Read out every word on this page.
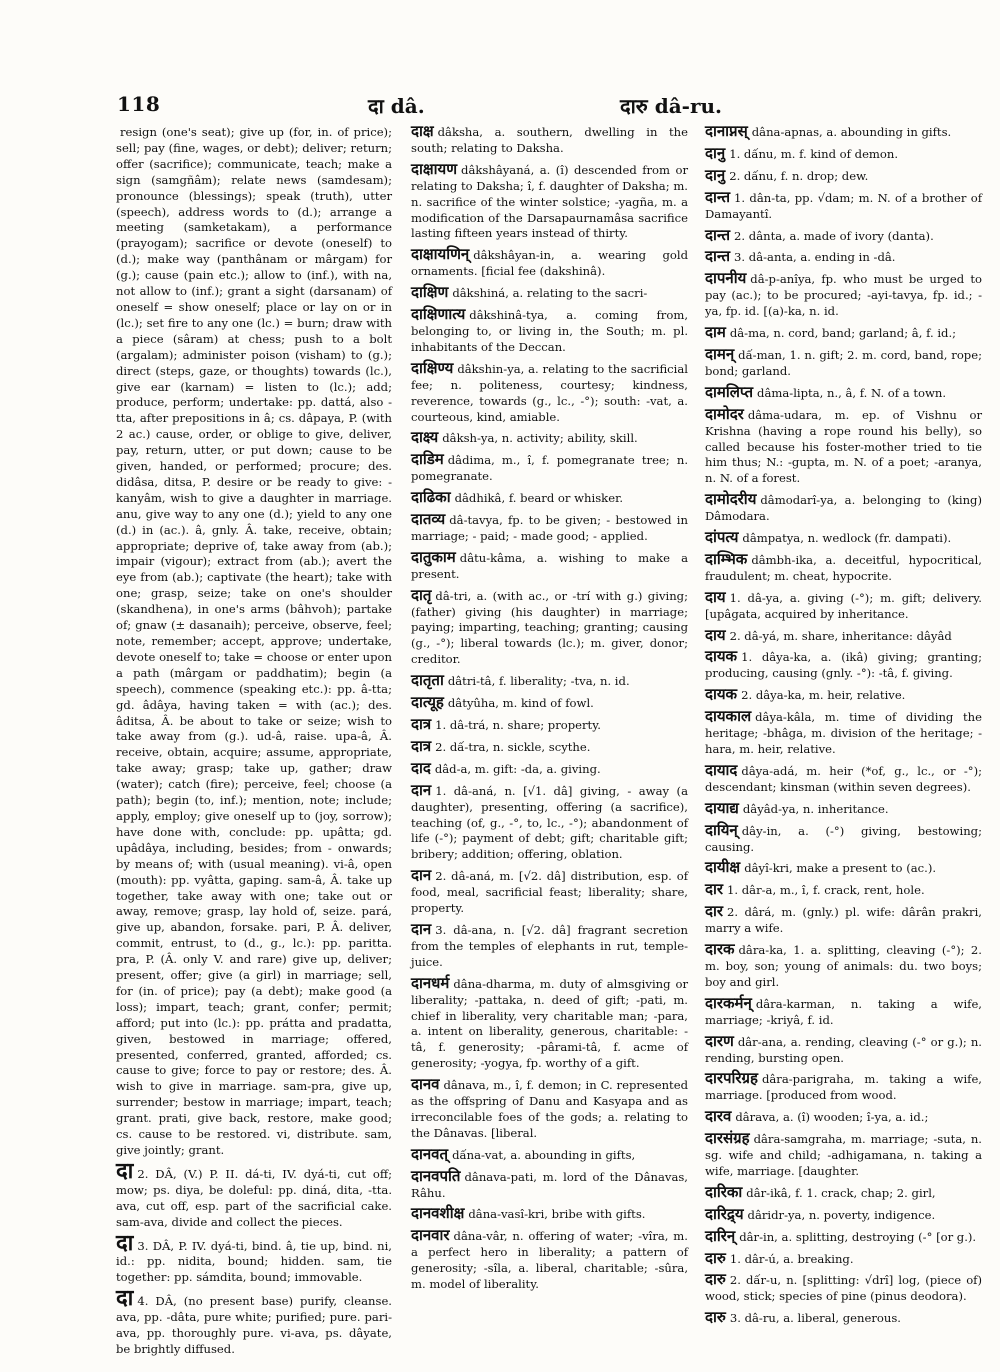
118	दा dâ.	दारु dâ-ru.

resign (one's seat); give up (for, in. of price); sell; pay (fine, wages, or debt); deliver; return; offer (sacrifice); communicate, teach; make a sign (samgñâm); relate news (samdesam); pronounce (blessings); speak (truth), utter (speech), address words to (d.); arrange a meeting (samketakam), a performance (prayogam); sacrifice or devote (oneself) to (d.); make way (panthânam or mârgam) for (g.); cause (pain etc.); allow to (inf.), with na, not allow to (inf.); grant a sight (darsanam) of oneself = show oneself; place or lay on or in (lc.); set fire to any one (lc.) = burn; draw with a piece (sâram) at chess; push to a bolt (argalam); administer poison (visham) to (g.); direct (steps, gaze, or thoughts) towards (lc.), give ear (karnam) = listen to (lc.); add; produce, perform; undertake: pp. dattá, also -tta, after prepositions in â; cs. dâpaya, P. (with 2 ac.) cause, order, or oblige to give, deliver, pay, return, utter, or put down; cause to be given, handed, or performed; procure; des. didâsa, ditsa, P. desire or be ready to give: - kanyâm, wish to give a daughter in marriage. anu, give way to any one (d.); yield to any one (d.) in (ac.). â, gnly. Â. take, receive, obtain; appropriate; deprive of, take away from (ab.); impair (vigour); extract from (ab.); avert the eye from (ab.); captivate (the heart); take with one; grasp, seize; take on one's shoulder (skandhena), in one's arms (bâhvoh); partake of; gnaw (± dasanaih); perceive, observe, feel; note, remember; accept, approve; undertake, devote oneself to; take = choose or enter upon a path (mârgam or paddhatim); begin (a speech), commence (speaking etc.): pp. â-tta; gd. âdâya, having taken = with (ac.); des. âditsa, Â. be about to take or seize; wish to take away from (g.). ud-â, raise. upa-â, Â. receive, obtain, acquire; assume, appropriate, take away; grasp; take up, gather; draw (water); catch (fire); perceive, feel; choose (a path); begin (to, inf.); mention, note; include; apply, employ; give oneself up to (joy, sorrow); have done with, conclude: pp. upâtta; gd. upâdâya, including, besides; from - onwards; by means of; with (usual meaning). vi-â, open (mouth): pp. vyâtta, gaping. sam-â, Â. take up together, take away with one; take out or away, remove; grasp, lay hold of, seize. pará, give up, abandon, forsake. pari, P. Â. deliver, commit, entrust, to (d., g., lc.): pp. paritta. pra, P. (Â. only V. and rare) give up, deliver; present, offer; give (a girl) in marriage; sell, for (in. of price); pay (a debt); make good (a loss); impart, teach; grant, confer; permit; afford; put into (lc.): pp. prátta and pradatta, given, bestowed in marriage; offered, presented, conferred, granted, afforded; cs. cause to give; force to pay or restore; des. Â. wish to give in marriage. sam-pra, give up, surrender; bestow in marriage; impart, teach; grant. prati, give back, restore, make good; cs. cause to be restored. vi, distribute. sam, give jointly; grant.

दा 2. DÂ, (V.) P. II. dá-ti, IV. dyá-ti, cut off; mow; ps. diya, be doleful: pp. diná, dita, -tta. ava, cut off, esp. part of the sacrificial cake. sam-ava, divide and collect the pieces.

दा 3. DÂ, P. IV. dyá-ti, bind. â, tie up, bind. ni, id.: pp. nidita, bound; hidden. sam, tie together: pp. sámdita, bound; immovable.

दा 4. DÂ, (no present base) purify, cleanse. ava, pp. -dâta, pure white; purified; pure. pari-ava, pp. thoroughly pure. vi-ava, ps. dâyate, be brightly diffused.

दाक्ष dâksha, a. southern, dwelling in the south; relating to Daksha.

दाक्षायण dâkshâyaná, a. (î) descended from or relating to Daksha; î, f. daughter of Daksha; m. n. sacrifice of the winter solstice; -yagña, m. a modification of the Darsapaurnamâsa sacrifice lasting fifteen years instead of thirty.

दाक्षायणिन् dâkshâyan-in, a. wearing gold ornaments. [ficial fee (dakshinâ).

दाक्षिण dâkshiná, a. relating to the sacri-

दाक्षिणात्य dâkshinâ-tya, a. coming from, belonging to, or living in, the South; m. pl. inhabitants of the Deccan.

दाक्षिण्य dâkshin-ya, a. relating to the sacrificial fee; n. politeness, courtesy; kindness, reverence, towards (g., lc., -°); south: -vat, a. courteous, kind, amiable.

दाक्ष्य dâksh-ya, n. activity; ability, skill.

दाडिम dâdima, m., î, f. pomegranate tree; n. pomegranate.

दाढिका dâdhikâ, f. beard or whisker.

दातव्य dâ-tavya, fp. to be given; - bestowed in marriage; - paid; - made good; - applied.

दातुकाम dâtu-kâma, a. wishing to make a present.

दातृ dâ-tri, a. (with ac., or -trí with g.) giving; (father) giving (his daughter) in marriage; paying; imparting, teaching; granting; causing (g., -°); liberal towards (lc.); m. giver, donor; creditor.

दातृता dâtri-tâ, f. liberality; -tva, n. id.

दात्यूह dâtyûha, m. kind of fowl.

दात्र 1. dâ-trá, n. share; property.

दात्र 2. dấ-tra, n. sickle, scythe.

दाद dâd-a, m. gift: -da, a. giving.

दान 1. dâ-aná, n. [√1. dâ] giving, - away (a daughter), presenting, offering (a sacrifice), teaching (of, g., -°, to, lc., -°); abandonment of life (-°); payment of debt; gift; charitable gift; bribery; addition; offering, oblation.

दान 2. dâ-aná, m. [√2. dâ] distribution, esp. of food, meal, sacrificial feast; liberality; share, property.

दान 3. dâ-ana, n. [√2. dâ] fragrant secretion from the temples of elephants in rut, temple-juice.

दानधर्म dâna-dharma, m. duty of almsgiving or liberality; -pattaka, n. deed of gift; -pati, m. chief in liberality, very charitable man; -para, a. intent on liberality, generous, charitable: -tâ, f. generosity; -pârami-tâ, f. acme of generosity; -yogya, fp. worthy of a gift.

दानव dânava, m., î, f. demon; in C. represented as the offspring of Danu and Kasyapa and as irreconcilable foes of the gods; a. relating to the Dânavas. [liberal.

दानवत् dấna-vat, a. abounding in gifts,

दानवपति dânava-pati, m. lord of the Dânavas, Râhu.

दानवशीक्ष dâna-vasî-kri, bribe with gifts.

दानवार dâna-vâr, n. offering of water; -vîra, m. a perfect hero in liberality; a pattern of generosity; -sîla, a. liberal, charitable; -sûra, m. model of liberality.

दानाप्नस् dâna-apnas, a. abounding in gifts.

दानु 1. dấnu, m. f. kind of demon.

दानु 2. dấnu, f. n. drop; dew.

दान्त 1. dân-ta, pp. √dam; m. N. of a brother of Damayantî.

दान्त 2. dânta, a. made of ivory (danta).

दान्त 3. dâ-anta, a. ending in -dâ.

दापनीय dâ-p-anîya, fp. who must be urged to pay (ac.); to be procured; -ayi-tavya, fp. id.; -ya, fp. id. [(a)-ka, n. id.

दाम dâ-ma, n. cord, band; garland; â, f. id.;

दामन् dấ-man, 1. n. gift; 2. m. cord, band, rope; bond; garland.

दामलिप्त dâma-lipta, n., â, f. N. of a town.

दामोदर dâma-udara, m. ep. of Vishnu or Krishna (having a rope round his belly), so called because his foster-mother tried to tie him thus; N.: -gupta, m. N. of a poet; -aranya, n. N. of a forest.

दामोदरीय dâmodarî-ya, a. belonging to (king) Dâmodara.

दांपत्य dâmpatya, n. wedlock (fr. dampati).

दाम्भिक dâmbh-ika, a. deceitful, hypocritical, fraudulent; m. cheat, hypocrite.

दाय 1. dâ-ya, a. giving (-°); m. gift; delivery. [upâgata, acquired by inheritance.

दाय 2. dâ-yá, m. share, inheritance: dâyâd

दायक 1. dâya-ka, a. (ikâ) giving; granting; producing, causing (gnly. -°): -tâ, f. giving.

दायक 2. dâya-ka, m. heir, relative.

दायकाल dâya-kâla, m. time of dividing the heritage; -bhâga, m. division of the heritage; -hara, m. heir, relative.

दायाद dâya-adá, m. heir (*of, g., lc., or -°); descendant; kinsman (within seven degrees).

दायाद्य dâyâd-ya, n. inheritance.

दायिन् dây-in, a. (-°) giving, bestowing; causing.

दायीक्ष dâyî-kri, make a present to (ac.).

दार 1. dâr-a, m., î, f. crack, rent, hole.

दार 2. dârá, m. (gnly.) pl. wife: dârân prakri, marry a wife.

दारक dâra-ka, 1. a. splitting, cleaving (-°); 2. m. boy, son; young of animals: du. two boys; boy and girl.

दारकर्मन् dâra-karman, n. taking a wife, marriage; -kriyâ, f. id.

दारण dâr-ana, a. rending, cleaving (-° or g.); n. rending, bursting open.

दारपरिग्रह dâra-parigraha, m. taking a wife, marriage. [produced from wood.

दारव dârava, a. (î) wooden; î-ya, a. id.;

दारसंग्रह dâra-samgraha, m. marriage; -suta, n. sg. wife and child; -adhigamana, n. taking a wife, marriage. [daughter.

दारिका dâr-ikâ, f. 1. crack, chap; 2. girl,

दारिद्र्य dâridr-ya, n. poverty, indigence.

दारिन् dâr-in, a. splitting, destroying (-° [or g.).

दारु 1. dâr-ú, a. breaking.

दारु 2. dấr-u, n. [splitting: √drî] log, (piece of) wood, stick; species of pine (pinus deodora).

दारु 3. dâ-ru, a. liberal, generous.
